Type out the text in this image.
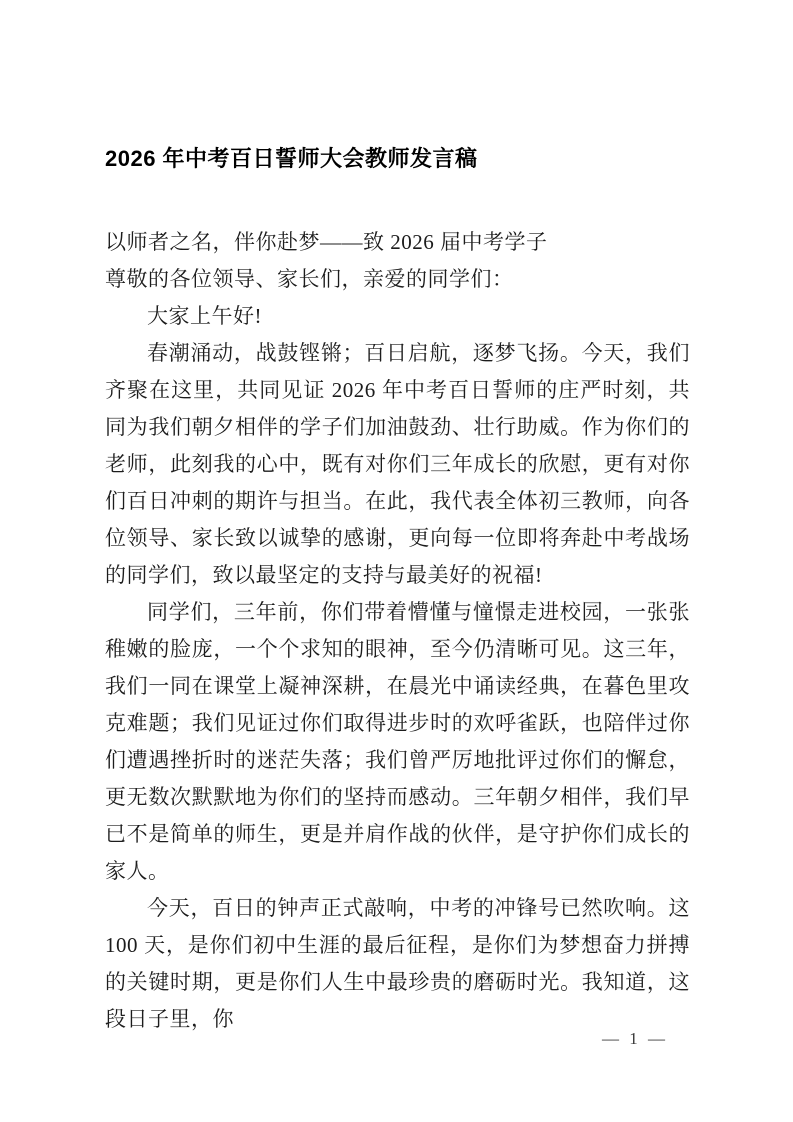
2026 年中考百日誓师大会教师发言稿

以师者之名，伴你赴梦——致 2026 届中考学子

尊敬的各位领导、家长们，亲爱的同学们：

大家上午好!

春潮涌动，战鼓铿锵；百日启航，逐梦飞扬。今天，我们齐聚在这里，共同见证 2026 年中考百日誓师的庄严时刻，共同为我们朝夕相伴的学子们加油鼓劲、壮行助威。作为你们的老师，此刻我的心中，既有对你们三年成长的欣慰，更有对你们百日冲刺的期许与担当。在此，我代表全体初三教师，向各位领导、家长致以诚挚的感谢，更向每一位即将奔赴中考战场的同学们，致以最坚定的支持与最美好的祝福!

同学们，三年前，你们带着懵懂与憧憬走进校园，一张张稚嫩的脸庞，一个个求知的眼神，至今仍清晰可见。这三年，我们一同在课堂上凝神深耕，在晨光中诵读经典，在暮色里攻克难题；我们见证过你们取得进步时的欢呼雀跃，也陪伴过你们遭遇挫折时的迷茫失落；我们曾严厉地批评过你们的懈怠，更无数次默默地为你们的坚持而感动。三年朝夕相伴，我们早已不是简单的师生，更是并肩作战的伙伴，是守护你们成长的家人。

今天，百日的钟声正式敲响，中考的冲锋号已然吹响。这 100 天，是你们初中生涯的最后征程，是你们为梦想奋力拼搏的关键时期，更是你们人生中最珍贵的磨砺时光。我知道，这段日子里，你

— 1 —
